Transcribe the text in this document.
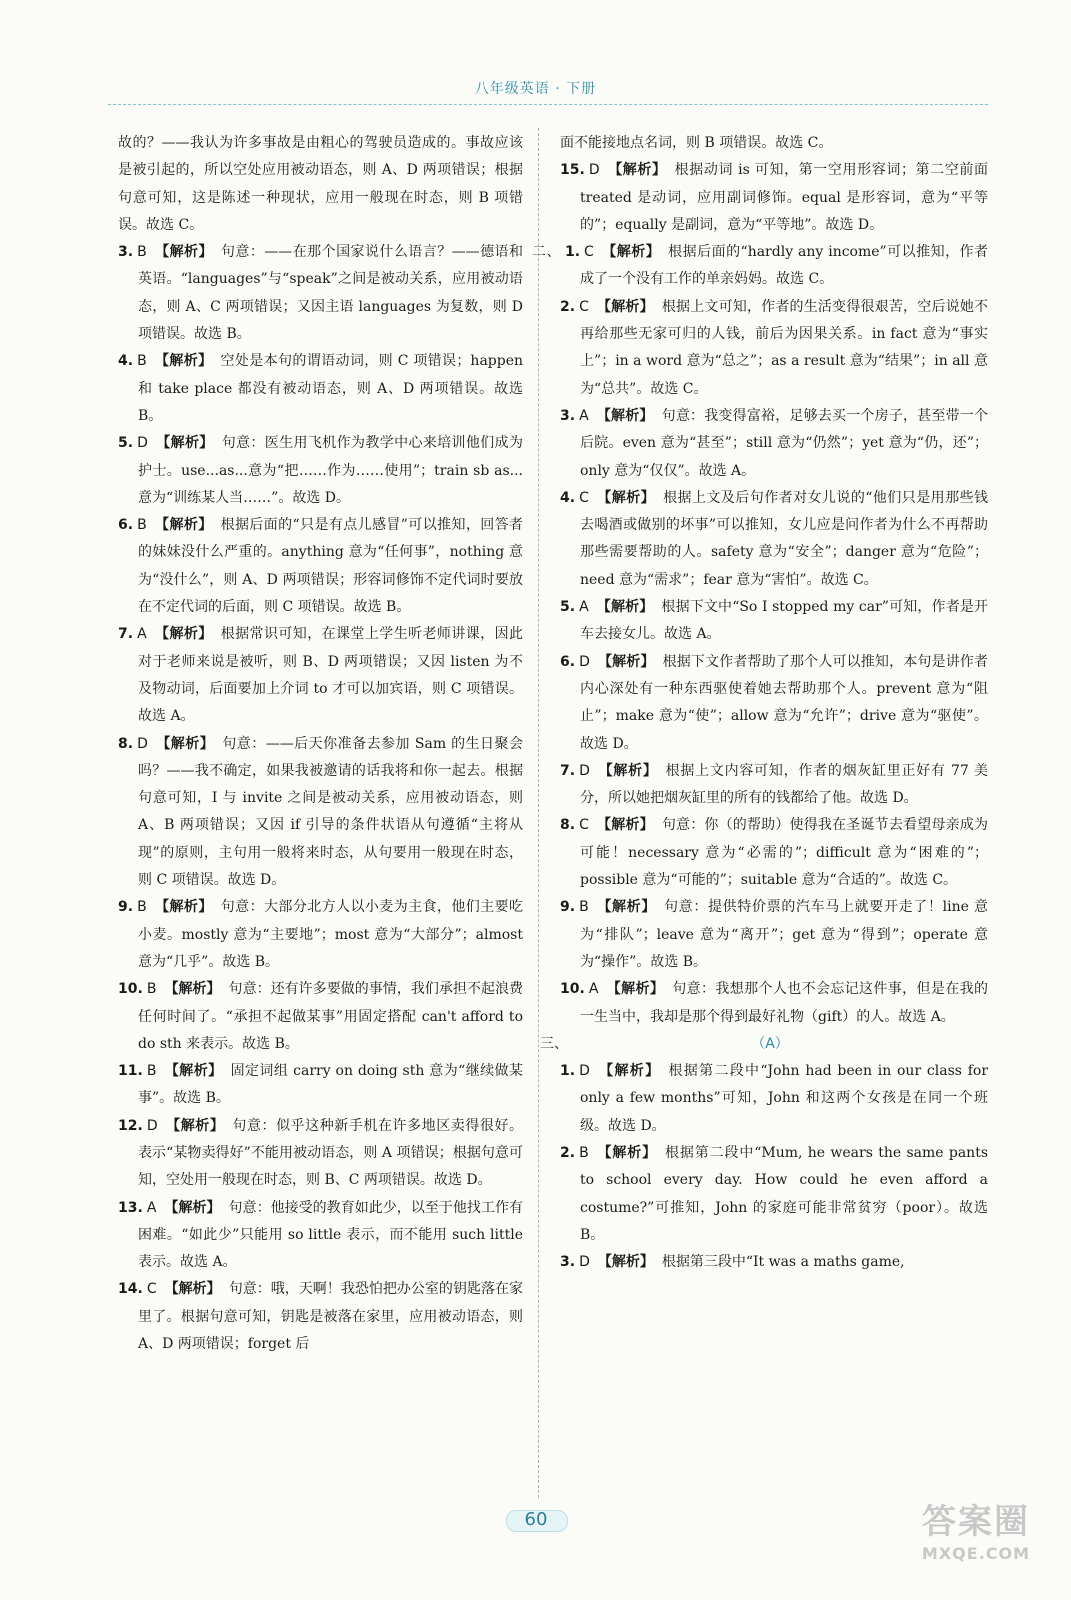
八年级英语 · 下册

故的？——我认为许多事故是由粗心的驾驶员造成的。事故应该是被引起的，所以空处应用被动语态，则 A、D 两项错误；根据句意可知，这是陈述一种现状，应用一般现在时态，则 B 项错误。故选 C。

3. B 【解析】 句意：——在那个国家说什么语言？——德语和英语。“languages”与“speak”之间是被动关系，应用被动语态，则 A、C 两项错误；又因主语 languages 为复数，则 D 项错误。故选 B。

4. B 【解析】 空处是本句的谓语动词，则 C 项错误；happen 和 take place 都没有被动语态，则 A、D 两项错误。故选 B。

5. D 【解析】 句意：医生用飞机作为教学中心来培训他们成为护士。use...as...意为“把……作为……使用”；train sb as...意为“训练某人当……”。故选 D。

6. B 【解析】 根据后面的“只是有点儿感冒”可以推知，回答者的妹妹没什么严重的。anything 意为“任何事”，nothing 意为“没什么”，则 A、D 两项错误；形容词修饰不定代词时要放在不定代词的后面，则 C 项错误。故选 B。

7. A 【解析】 根据常识可知，在课堂上学生听老师讲课，因此对于老师来说是被听，则 B、D 两项错误；又因 listen 为不及物动词，后面要加上介词 to 才可以加宾语，则 C 项错误。故选 A。

8. D 【解析】 句意：——后天你准备去参加 Sam 的生日聚会吗？——我不确定，如果我被邀请的话我将和你一起去。根据句意可知，I 与 invite 之间是被动关系，应用被动语态，则 A、B 两项错误；又因 if 引导的条件状语从句遵循“主将从现”的原则，主句用一般将来时态，从句要用一般现在时态，则 C 项错误。故选 D。

9. B 【解析】 句意：大部分北方人以小麦为主食，他们主要吃小麦。mostly 意为“主要地”；most 意为“大部分”；almost 意为“几乎”。故选 B。

10. B 【解析】 句意：还有许多要做的事情，我们承担不起浪费任何时间了。“承担不起做某事”用固定搭配 can't afford to do sth 来表示。故选 B。

11. B 【解析】 固定词组 carry on doing sth 意为“继续做某事”。故选 B。

12. D 【解析】 句意：似乎这种新手机在许多地区卖得很好。表示“某物卖得好”不能用被动语态，则 A 项错误；根据句意可知，空处用一般现在时态，则 B、C 两项错误。故选 D。

13. A 【解析】 句意：他接受的教育如此少，以至于他找工作有困难。“如此少”只能用 so little 表示，而不能用 such little 表示。故选 A。

14. C 【解析】 句意：哦，天啊！我恐怕把办公室的钥匙落在家里了。根据句意可知，钥匙是被落在家里，应用被动语态，则 A、D 两项错误；forget 后

面不能接地点名词，则 B 项错误。故选 C。

15. D 【解析】 根据动词 is 可知，第一空用形容词；第二空前面 treated 是动词，应用副词修饰。equal 是形容词，意为“平等的”；equally 是副词，意为“平等地”。故选 D。

二、 1. C 【解析】 根据后面的“hardly any income”可以推知，作者成了一个没有工作的单亲妈妈。故选 C。

2. C 【解析】 根据上文可知，作者的生活变得很艰苦，空后说她不再给那些无家可归的人钱，前后为因果关系。in fact 意为“事实上”；in a word 意为“总之”；as a result 意为“结果”；in all 意为“总共”。故选 C。

3. A 【解析】 句意：我变得富裕，足够去买一个房子，甚至带一个后院。even 意为“甚至”；still 意为“仍然”；yet 意为“仍，还”；only 意为“仅仅”。故选 A。

4. C 【解析】 根据上文及后句作者对女儿说的“他们只是用那些钱去喝酒或做别的坏事”可以推知，女儿应是问作者为什么不再帮助那些需要帮助的人。safety 意为“安全”；danger 意为“危险”；need 意为“需求”；fear 意为“害怕”。故选 C。

5. A 【解析】 根据下文中“So I stopped my car”可知，作者是开车去接女儿。故选 A。

6. D 【解析】 根据下文作者帮助了那个人可以推知，本句是讲作者内心深处有一种东西驱使着她去帮助那个人。prevent 意为“阻止”；make 意为“使”；allow 意为“允许”；drive 意为“驱使”。故选 D。

7. D 【解析】 根据上文内容可知，作者的烟灰缸里正好有 77 美分，所以她把烟灰缸里的所有的钱都给了他。故选 D。

8. C 【解析】 句意：你（的帮助）使得我在圣诞节去看望母亲成为可能！necessary 意为“必需的”；difficult 意为“困难的”；possible 意为“可能的”；suitable 意为“合适的”。故选 C。

9. B 【解析】 句意：提供特价票的汽车马上就要开走了！line 意为“排队”；leave 意为“离开”；get 意为“得到”；operate 意为“操作”。故选 B。

10. A 【解析】 句意：我想那个人也不会忘记这件事，但是在我的一生当中，我却是那个得到最好礼物（gift）的人。故选 A。

三、	（A）

1. D 【解析】 根据第二段中“John had been in our class for only a few months”可知，John 和这两个女孩是在同一个班级。故选 D。

2. B 【解析】 根据第二段中“Mum, he wears the same pants to school every day. How could he even afford a costume?”可推知，John 的家庭可能非常贫穷（poor）。故选 B。

3. D 【解析】 根据第三段中“It was a maths game,

60	答案圈
MXQE.COM
